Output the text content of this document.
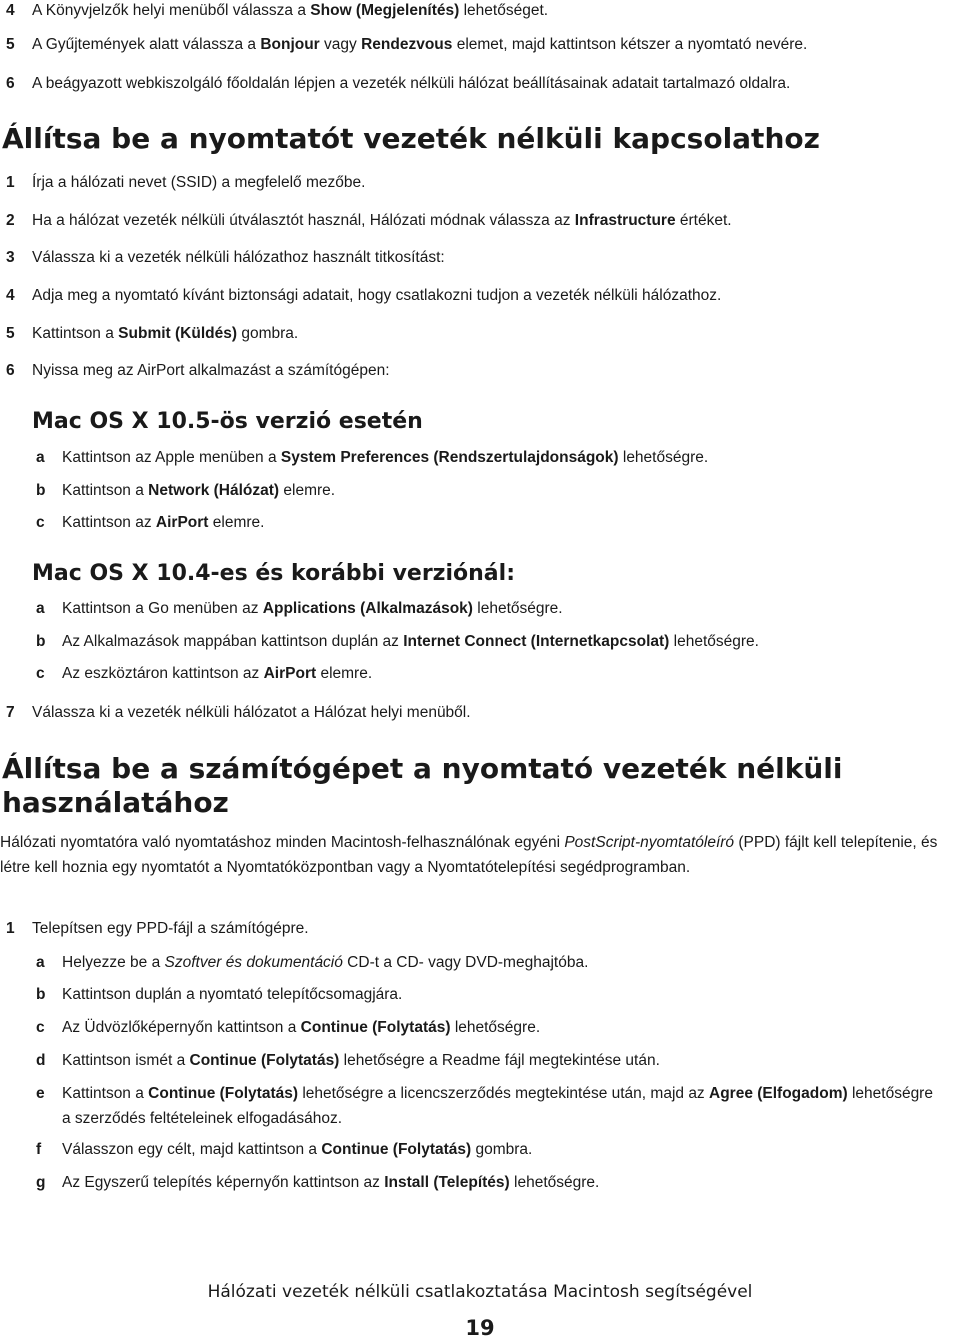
4 A Könyvjelzők helyi menüből válassza a Show (Megjelenítés) lehetőséget.
5 A Gyűjtemények alatt válassza a Bonjour vagy Rendezvous elemet, majd kattintson kétszer a nyomtató nevére.
6 A beágyazott webkiszolgáló főoldalán lépjen a vezeték nélküli hálózat beállításainak adatait tartalmazó oldalra.
Állítsa be a nyomtatót vezeték nélküli kapcsolathoz
1 Írja a hálózati nevet (SSID) a megfelelő mezőbe.
2 Ha a hálózat vezeték nélküli útválasztót használ, Hálózati módnak válassza az Infrastructure értéket.
3 Válassza ki a vezeték nélküli hálózathoz használt titkosítást:
4 Adja meg a nyomtató kívánt biztonsági adatait, hogy csatlakozni tudjon a vezeték nélküli hálózathoz.
5 Kattintson a Submit (Küldés) gombra.
6 Nyissa meg az AirPort alkalmazást a számítógépen:
Mac OS X 10.5-ös verzió esetén
a Kattintson az Apple menüben a System Preferences (Rendszertulajdonságok) lehetőségre.
b Kattintson a Network (Hálózat) elemre.
c Kattintson az AirPort elemre.
Mac OS X 10.4-es és korábbi verziónál:
a Kattintson a Go menüben az Applications (Alkalmazások) lehetőségre.
b Az Alkalmazások mappában kattintson duplán az Internet Connect (Internetkapcsolat) lehetőségre.
c Az eszköztáron kattintson az AirPort elemre.
7 Válassza ki a vezeték nélküli hálózatot a Hálózat helyi menüből.
Állítsa be a számítógépet a nyomtató vezeték nélküli használatához
Hálózati nyomtatóra való nyomtatáshoz minden Macintosh-felhasználónak egyéni PostScript-nyomtatóleíró (PPD) fájlt kell telepítenie, és létre kell hoznia egy nyomtatót a Nyomtatóközpontban vagy a Nyomtatótelepítési segédprogramban.
1 Telepítsen egy PPD-fájl a számítógépre.
a Helyezze be a Szoftver és dokumentáció CD-t a CD- vagy DVD-meghajtóba.
b Kattintson duplán a nyomtató telepítőcsomagjára.
c Az Üdvözlőképernyőn kattintson a Continue (Folytatás) lehetőségre.
d Kattintson ismét a Continue (Folytatás) lehetőségre a Readme fájl megtekintése után.
e Kattintson a Continue (Folytatás) lehetőségre a licencszerződés megtekintése után, majd az Agree (Elfogadom) lehetőségre a szerződés feltételeinek elfogadásához.
f Válasszon egy célt, majd kattintson a Continue (Folytatás) gombra.
g Az Egyszerű telepítés képernyőn kattintson az Install (Telepítés) lehetőségre.
Hálózati vezeték nélküli csatlakoztatása Macintosh segítségével
19
